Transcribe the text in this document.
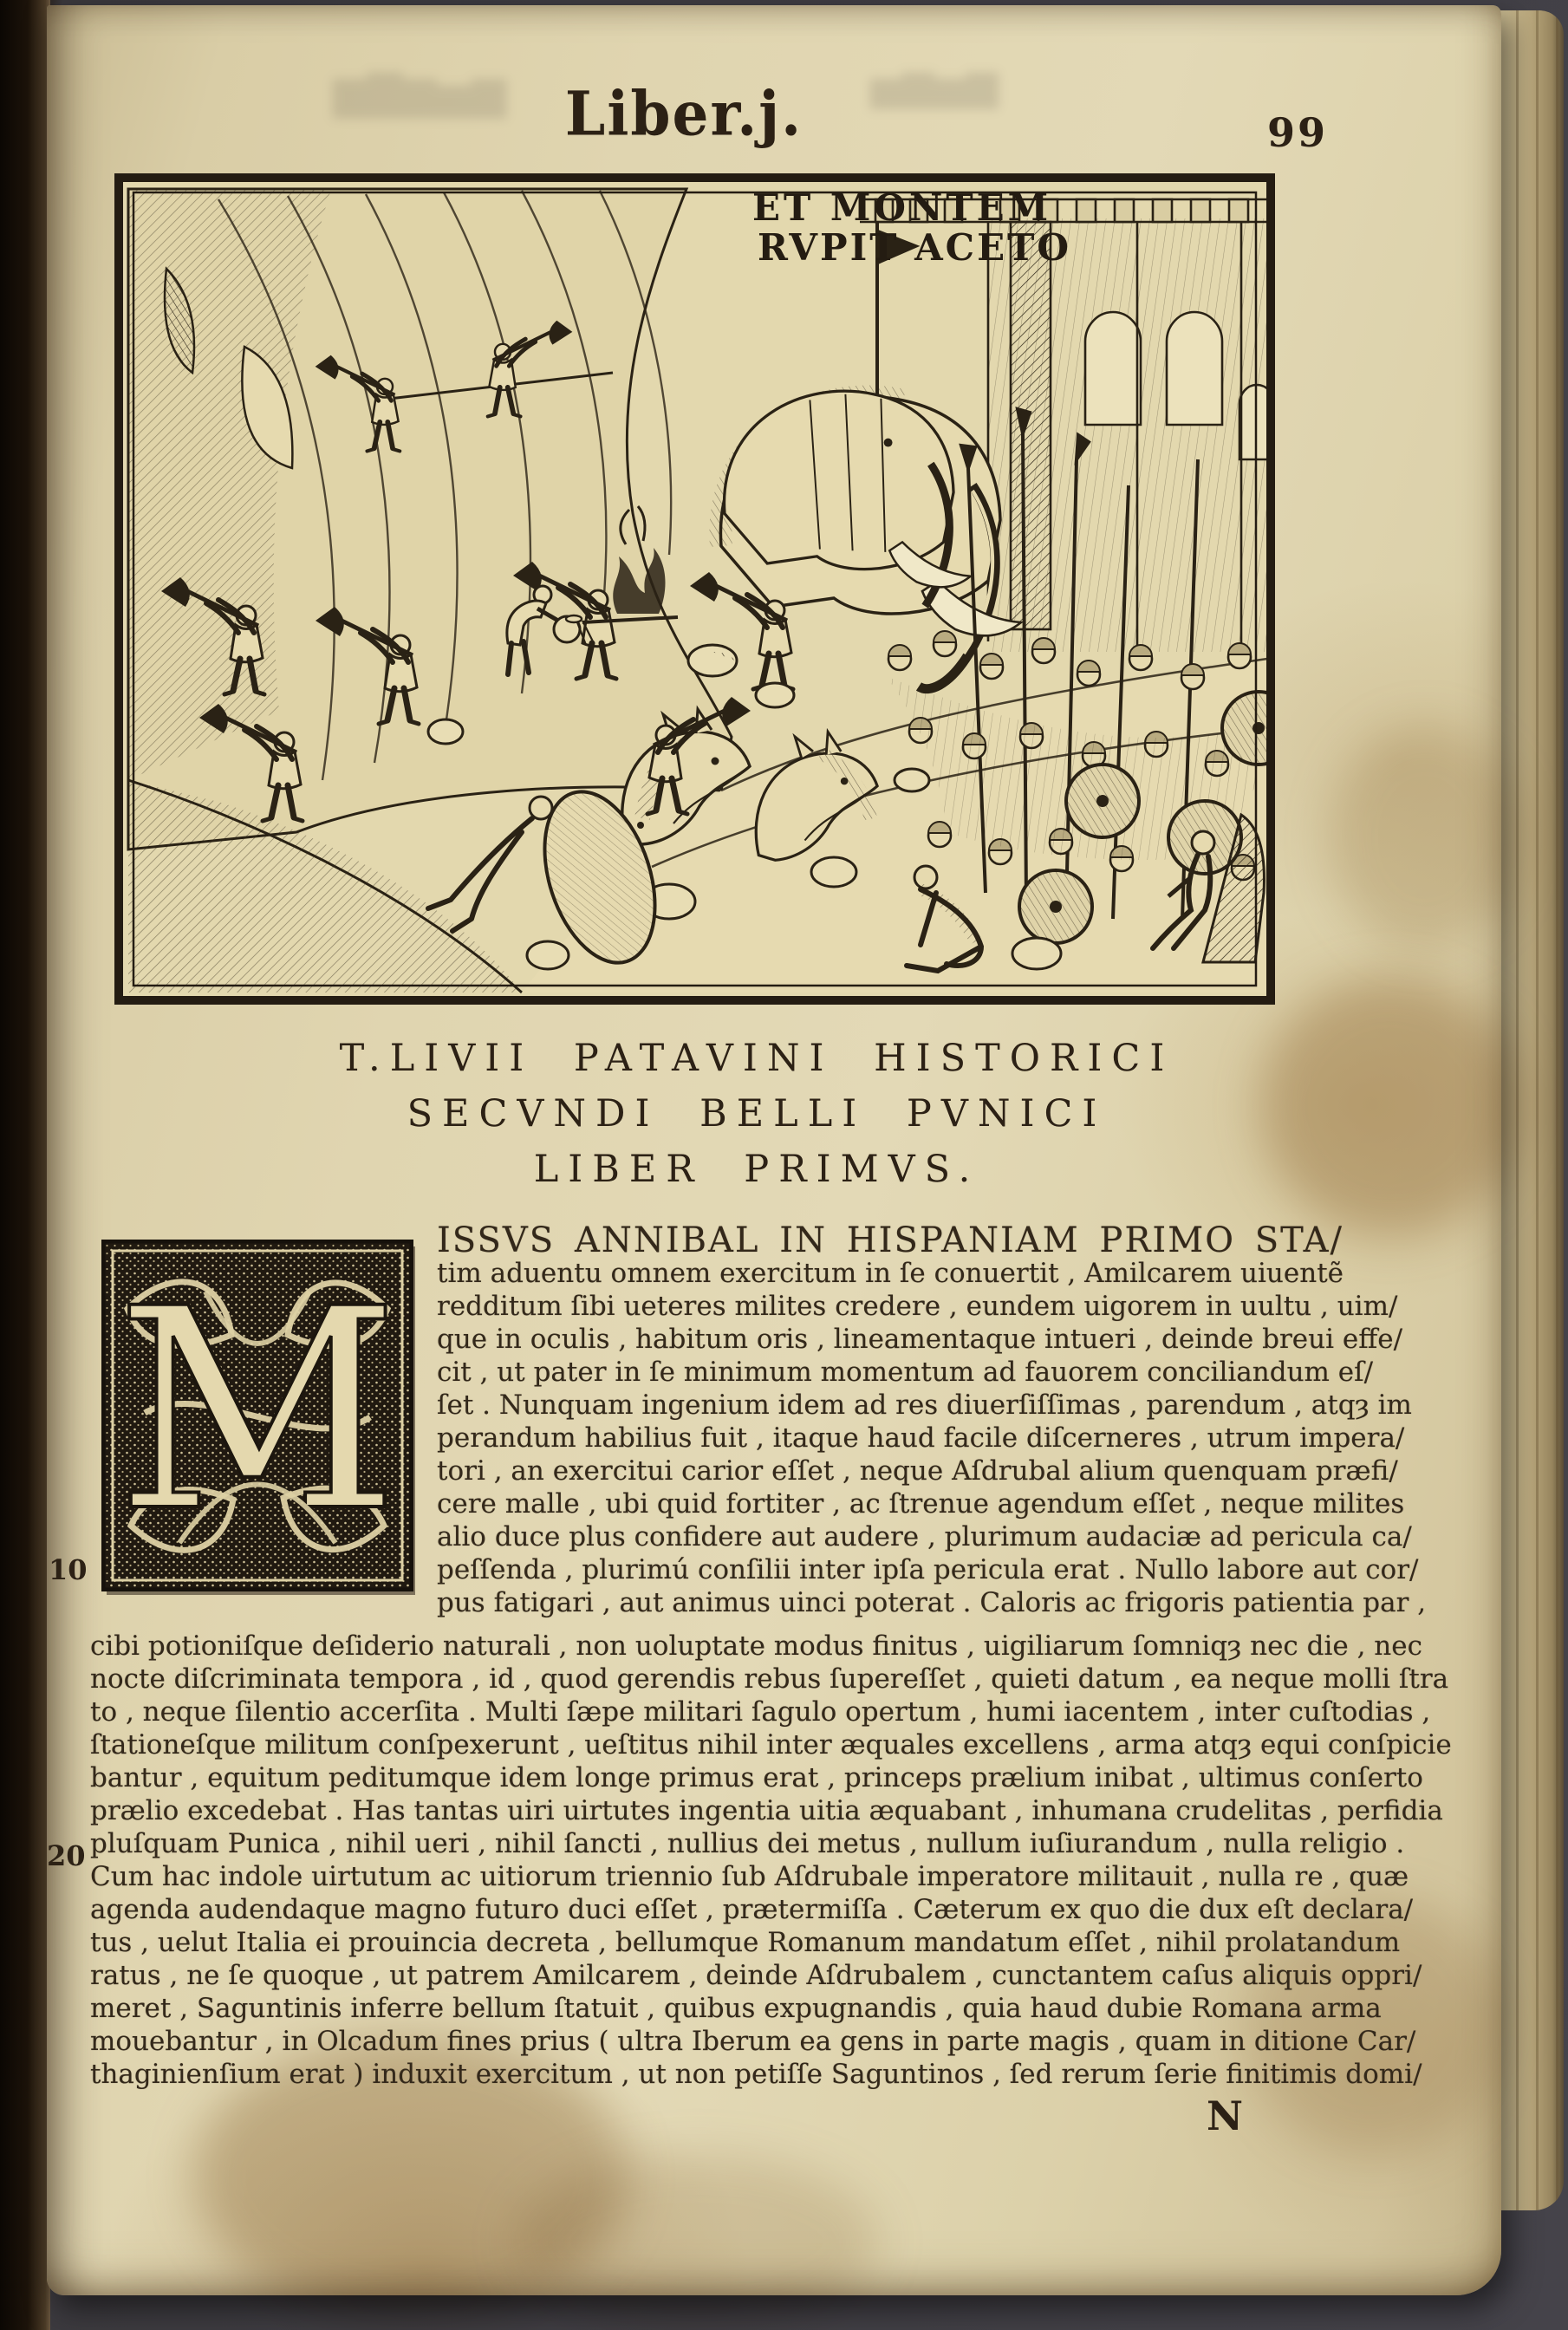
▆▇▆▅▆	▅▆▅▆
Liber.j.	99
ET MONTEM
RVPIT ACETO
T.LIVII PATAVINI HISTORICI
SECVNDI BELLI PVNICI
LIBER PRIMVS.
M
ISSVS ANNIBAL IN HISPANIAM PRIMO STA/
tim aduentu omnem exercitum in ſe conuertit , Amilcarem uiuentẽ
redditum ſibi ueteres milites credere , eundem uigorem in uultu , uim/
que in oculis , habitum oris , lineamentaque intueri , deinde breui effe/
cit , ut pater in ſe minimum momentum ad fauorem conciliandum eſ/
ſet . Nunquam ingenium idem ad res diuerſiſſimas , parendum , atqȝ im
perandum habilius fuit , itaque haud facile diſcerneres , utrum impera/
tori , an exercitui carior eſſet , neque Aſdrubal alium quenquam præfi/
cere malle , ubi quid fortiter , ac ſtrenue agendum eſſet , neque milites
alio duce plus confidere aut audere , plurimum audaciæ ad pericula ca/
peſſenda , plurimú conſilii inter ipſa pericula erat . Nullo labore aut cor/
pus fatigari , aut animus uinci poterat . Caloris ac frigoris patientia par ,
cibi potioniſque deſiderio naturali , non uoluptate modus finitus , uigiliarum ſomniqȝ nec die , nec
nocte diſcriminata tempora , id , quod gerendis rebus ſupereſſet , quieti datum , ea neque molli ſtra
to , neque ſilentio accerſita . Multi ſæpe militari ſagulo opertum , humi iacentem , inter cuſtodias ,
ſtationeſque militum conſpexerunt , ueſtitus nihil inter æquales excellens , arma atqȝ equi conſpicie
bantur , equitum peditumque idem longe primus erat , princeps prælium inibat , ultimus conſerto
prælio excedebat . Has tantas uiri uirtutes ingentia uitia æquabant , inhumana crudelitas , perfidia
pluſquam Punica , nihil ueri , nihil ſancti , nullius dei metus , nullum iuſiurandum , nulla religio .
Cum hac indole uirtutum ac uitiorum triennio ſub Aſdrubale imperatore militauit , nulla re , quæ
agenda audendaque magno futuro duci eſſet , prætermiſſa . Cæterum ex quo die dux eſt declara/
tus , uelut Italia ei prouincia decreta , bellumque Romanum mandatum eſſet , nihil prolatandum
ratus , ne ſe quoque , ut patrem Amilcarem , deinde Aſdrubalem , cunctantem caſus aliquis oppri/
meret , Saguntinis inferre bellum ſtatuit , quibus expugnandis , quia haud dubie Romana arma
mouebantur , in Olcadum fines prius ( ultra Iberum ea gens in parte magis , quam in ditione Car/
thaginienſium erat ) induxit exercitum , ut non petiſſe Saguntinos , ſed rerum ſerie finitimis domi/
10
20
N
